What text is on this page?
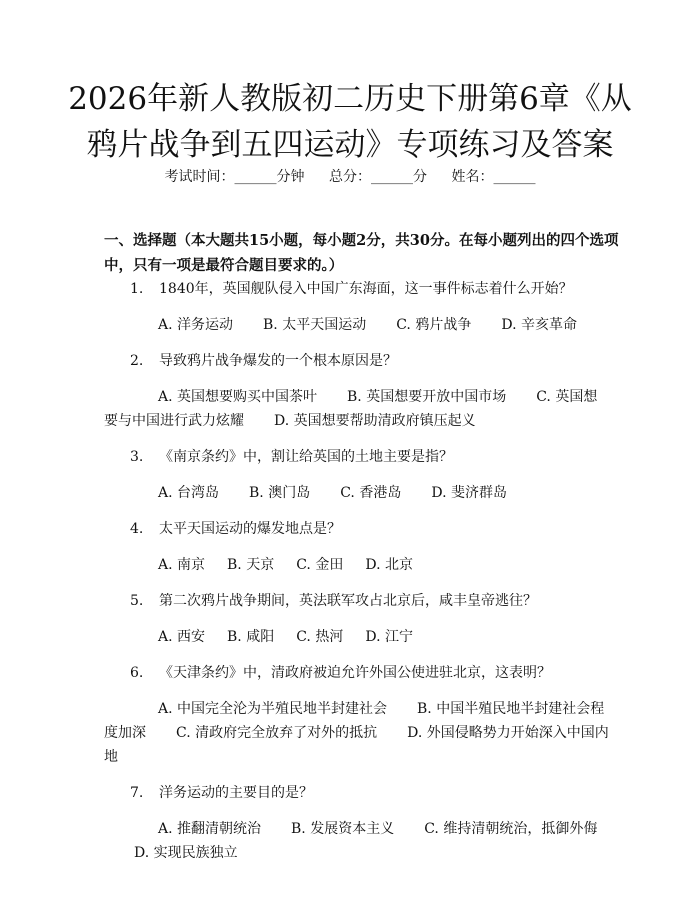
2026年新人教版初二历史下册第6章《从鸦片战争到五四运动》专项练习及答案
考试时间：______分钟 总分：______分 姓名：______
一、选择题（本大题共15小题，每小题2分，共30分。在每小题列出的四个选项中，只有一项是最符合题目要求的。）
1. 1840年，英国舰队侵入中国广东海面，这一事件标志着什么开始？
A. 洋务运动 B. 太平天国运动 C. 鸦片战争 D. 辛亥革命
2. 导致鸦片战争爆发的一个根本原因是？
A. 英国想要购买中国茶叶 B. 英国想要开放中国市场 C. 英国想要与中国进行武力炫耀 D. 英国想要帮助清政府镇压起义
3. 《南京条约》中，割让给英国的土地主要是指？
A. 台湾岛 B. 澳门岛 C. 香港岛 D. 斐济群岛
4. 太平天国运动的爆发地点是？
A. 南京 B. 天京 C. 金田 D. 北京
5. 第二次鸦片战争期间，英法联军攻占北京后，咸丰皇帝逃往？
A. 西安 B. 咸阳 C. 热河 D. 江宁
6. 《天津条约》中，清政府被迫允许外国公使进驻北京，这表明？
A. 中国完全沦为半殖民地半封建社会 B. 中国半殖民地半封建社会程度加深 C. 清政府完全放弃了对外的抵抗 D. 外国侵略势力开始深入中国内地
7. 洋务运动的主要目的是？
A. 推翻清朝统治 B. 发展资本主义 C. 维持清朝统治，抵御外侮D. 实现民族独立
